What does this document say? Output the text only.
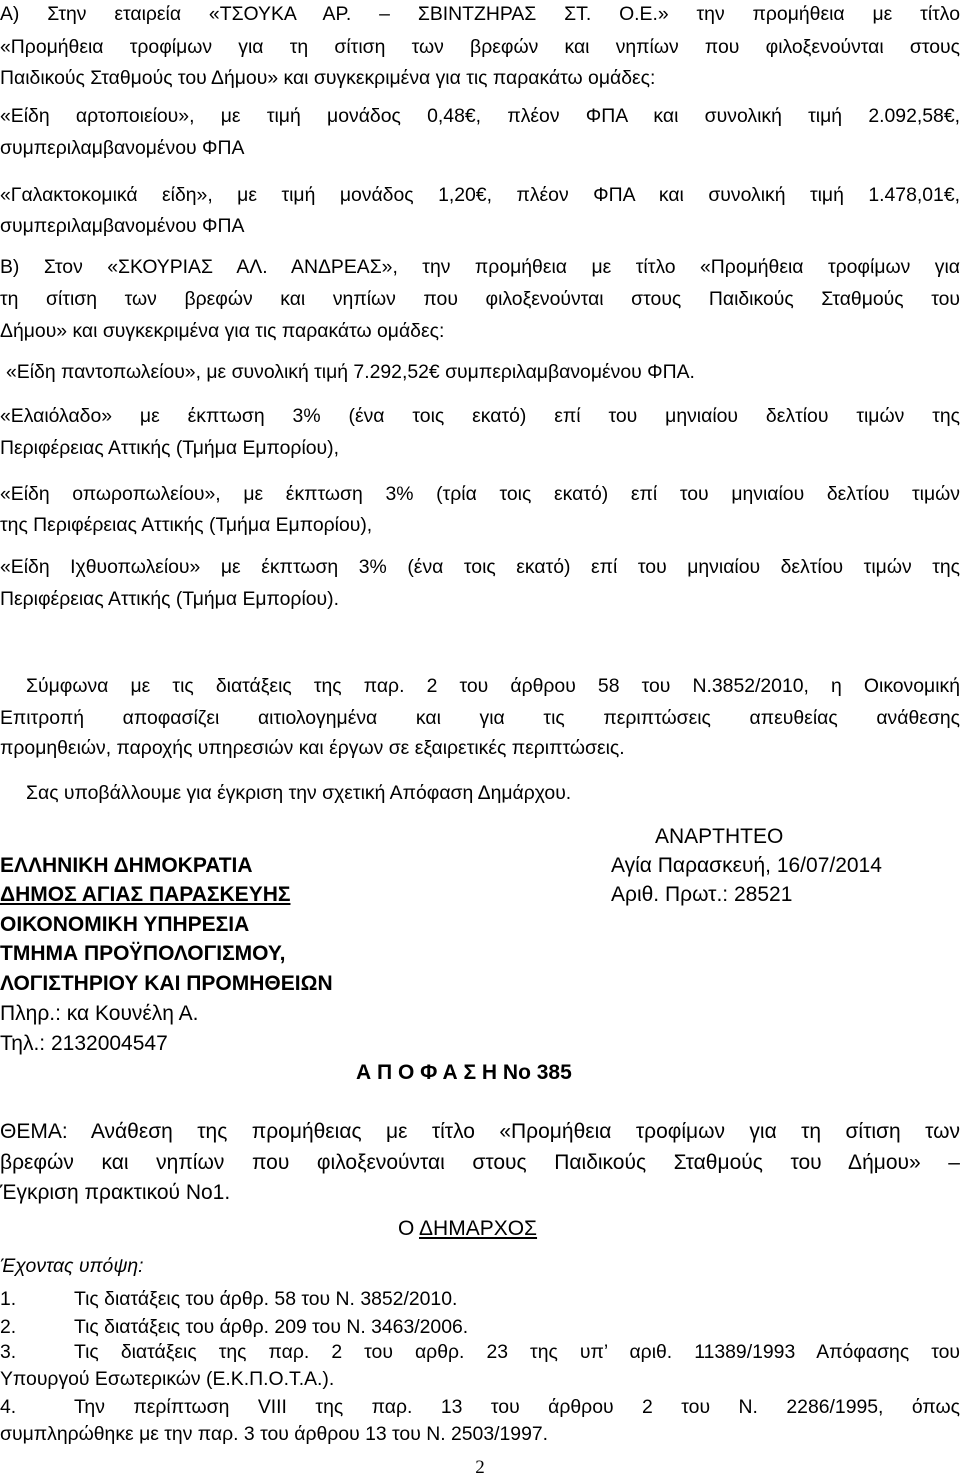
Α) Στην εταιρεία «ΤΣΟΥΚΑ ΑΡ. – ΣΒΙΝΤΖΗΡΑΣ ΣΤ. Ο.Ε.» την προμήθεια με τίτλο

«Προμήθεια τροφίμων για τη σίτιση των βρεφών και νηπίων που φιλοξενούνται στους

Παιδικούς Σταθμούς του Δήμου» και συγκεκριμένα για τις παρακάτω ομάδες:

«Είδη αρτοποιείου», με τιμή μονάδος 0,48€, πλέον ΦΠΑ και συνολική τιμή 2.092,58€,

συμπεριλαμβανομένου ΦΠΑ

«Γαλακτοκομικά είδη», με τιμή μονάδος 1,20€, πλέον ΦΠΑ και συνολική τιμή 1.478,01€,

συμπεριλαμβανομένου ΦΠΑ

Β) Στον «ΣΚΟΥΡΙΑΣ ΑΛ. ΑΝΔΡΕΑΣ», την προμήθεια με τίτλο «Προμήθεια τροφίμων για

τη σίτιση των βρεφών και νηπίων που φιλοξενούνται στους Παιδικούς Σταθμούς του

Δήμου» και συγκεκριμένα για τις παρακάτω ομάδες:

«Είδη παντοπωλείου», με συνολική τιμή 7.292,52€ συμπεριλαμβανομένου ΦΠΑ.

«Ελαιόλαδο» με έκπτωση 3% (ένα τοις εκατό) επί του μηνιαίου δελτίου τιμών της

Περιφέρειας Αττικής (Τμήμα Εμπορίου),

«Είδη οπωροπωλείου», με έκπτωση 3% (τρία τοις εκατό) επί του μηνιαίου δελτίου τιμών

της Περιφέρειας Αττικής (Τμήμα Εμπορίου),

«Είδη Ιχθυοπωλείου» με έκπτωση 3% (ένα τοις εκατό) επί του μηνιαίου δελτίου τιμών της

Περιφέρειας Αττικής (Τμήμα Εμπορίου).

Σύμφωνα με τις διατάξεις της παρ. 2 του άρθρου 58 του Ν.3852/2010, η Οικονομική

Επιτροπή αποφασίζει αιτιολογημένα και για τις περιπτώσεις απευθείας ανάθεσης

προμηθειών, παροχής υπηρεσιών και έργων σε εξαιρετικές περιπτώσεις.

Σας υποβάλλουμε για έγκριση την σχετική Απόφαση Δημάρχου.

ΑΝΑΡΤΗΤΕΟ
ΕΛΛΗΝΙΚΗ ΔΗΜΟΚΡΑΤΙΑ	Αγία Παρασκευή, 16/07/2014
ΔΗΜΟΣ ΑΓΙΑΣ ΠΑΡΑΣΚΕΥΗΣ	Αριθ. Πρωτ.: 28521
ΟΙΚΟΝΟΜΙΚΗ ΥΠΗΡΕΣΙΑ
ΤΜΗΜΑ ΠΡΟΫΠΟΛΟΓΙΣΜΟΥ,
ΛΟΓΙΣΤΗΡΙΟΥ ΚΑΙ ΠΡΟΜΗΘΕΙΩΝ
Πληρ.: κα Κουνέλη Α.
Τηλ.: 2132004547
Α Π Ο Φ Α Σ Η Νο 385

ΘΕΜΑ: Ανάθεση της προμήθειας με τίτλο «Προμήθεια τροφίμων για τη σίτιση των

βρεφών και νηπίων που φιλοξενούνται στους Παιδικούς Σταθμούς του Δήμου» –

Έγκριση πρακτικού Νο1.

Ο ΔΗΜΑΡΧΟΣ
Έχοντας υπόψη:
1.	Τις διατάξεις του άρθρ. 58 του Ν. 3852/2010.
2.	Τις διατάξεις του άρθρ. 209 του Ν. 3463/2006.
3.	Τις διατάξεις της παρ. 2 του αρθρ. 23 της υπ’ αριθ. 11389/1993 Απόφασης του
Υπουργού Εσωτερικών (Ε.Κ.Π.Ο.Τ.Α.).
4.	Την περίπτωση VIII της παρ. 13 του άρθρου 2 του Ν. 2286/1995, όπως
συμπληρώθηκε με την παρ. 3 του άρθρου 13 του Ν. 2503/1997.
2
